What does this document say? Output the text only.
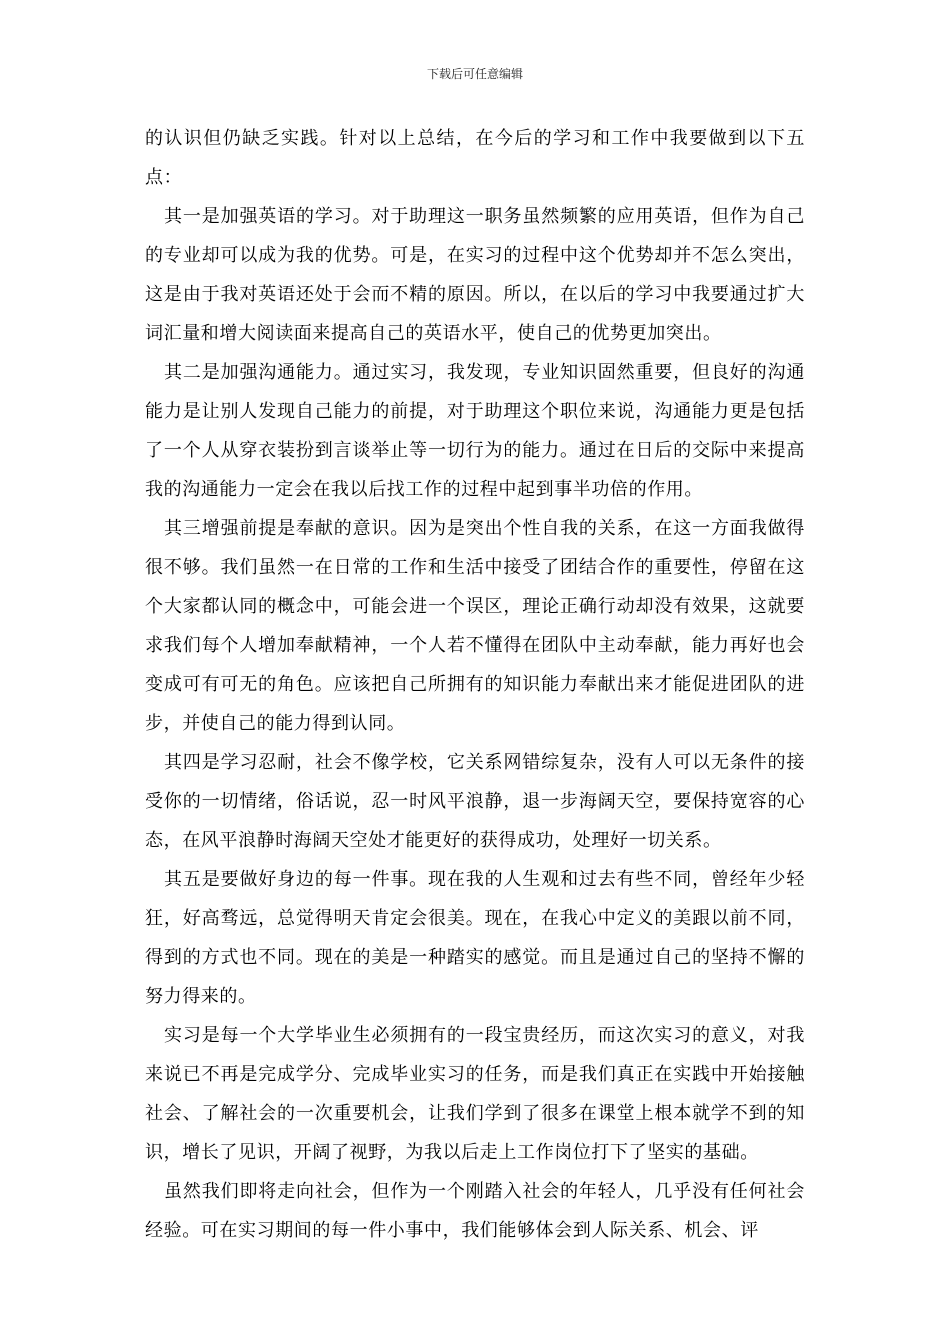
下载后可任意编辑

的认识但仍缺乏实践。针对以上总结，在今后的学习和工作中我要做到以下五点：

其一是加强英语的学习。对于助理这一职务虽然频繁的应用英语，但作为自己的专业却可以成为我的优势。可是，在实习的过程中这个优势却并不怎么突出，这是由于我对英语还处于会而不精的原因。所以，在以后的学习中我要通过扩大词汇量和增大阅读面来提高自己的英语水平，使自己的优势更加突出。

其二是加强沟通能力。通过实习，我发现，专业知识固然重要，但良好的沟通能力是让别人发现自己能力的前提，对于助理这个职位来说，沟通能力更是包括了一个人从穿衣装扮到言谈举止等一切行为的能力。通过在日后的交际中来提高我的沟通能力一定会在我以后找工作的过程中起到事半功倍的作用。

其三增强前提是奉献的意识。因为是突出个性自我的关系，在这一方面我做得很不够。我们虽然一在日常的工作和生活中接受了团结合作的重要性，停留在这个大家都认同的概念中，可能会进一个误区，理论正确行动却没有效果，这就要求我们每个人增加奉献精神，一个人若不懂得在团队中主动奉献，能力再好也会变成可有可无的角色。应该把自己所拥有的知识能力奉献出来才能促进团队的进步，并使自己的能力得到认同。

其四是学习忍耐，社会不像学校，它关系网错综复杂，没有人可以无条件的接受你的一切情绪，俗话说，忍一时风平浪静，退一步海阔天空，要保持宽容的心态，在风平浪静时海阔天空处才能更好的获得成功，处理好一切关系。

其五是要做好身边的每一件事。现在我的人生观和过去有些不同，曾经年少轻狂，好高骛远，总觉得明天肯定会很美。现在，在我心中定义的美跟以前不同，得到的方式也不同。现在的美是一种踏实的感觉。而且是通过自己的坚持不懈的努力得来的。

实习是每一个大学毕业生必须拥有的一段宝贵经历，而这次实习的意义，对我来说已不再是完成学分、完成毕业实习的任务，而是我们真正在实践中开始接触社会、了解社会的一次重要机会，让我们学到了很多在课堂上根本就学不到的知识，增长了见识，开阔了视野，为我以后走上工作岗位打下了坚实的基础。

虽然我们即将走向社会，但作为一个刚踏入社会的年轻人，几乎没有任何社会经验。可在实习期间的每一件小事中，我们能够体会到人际关系、机会、评
